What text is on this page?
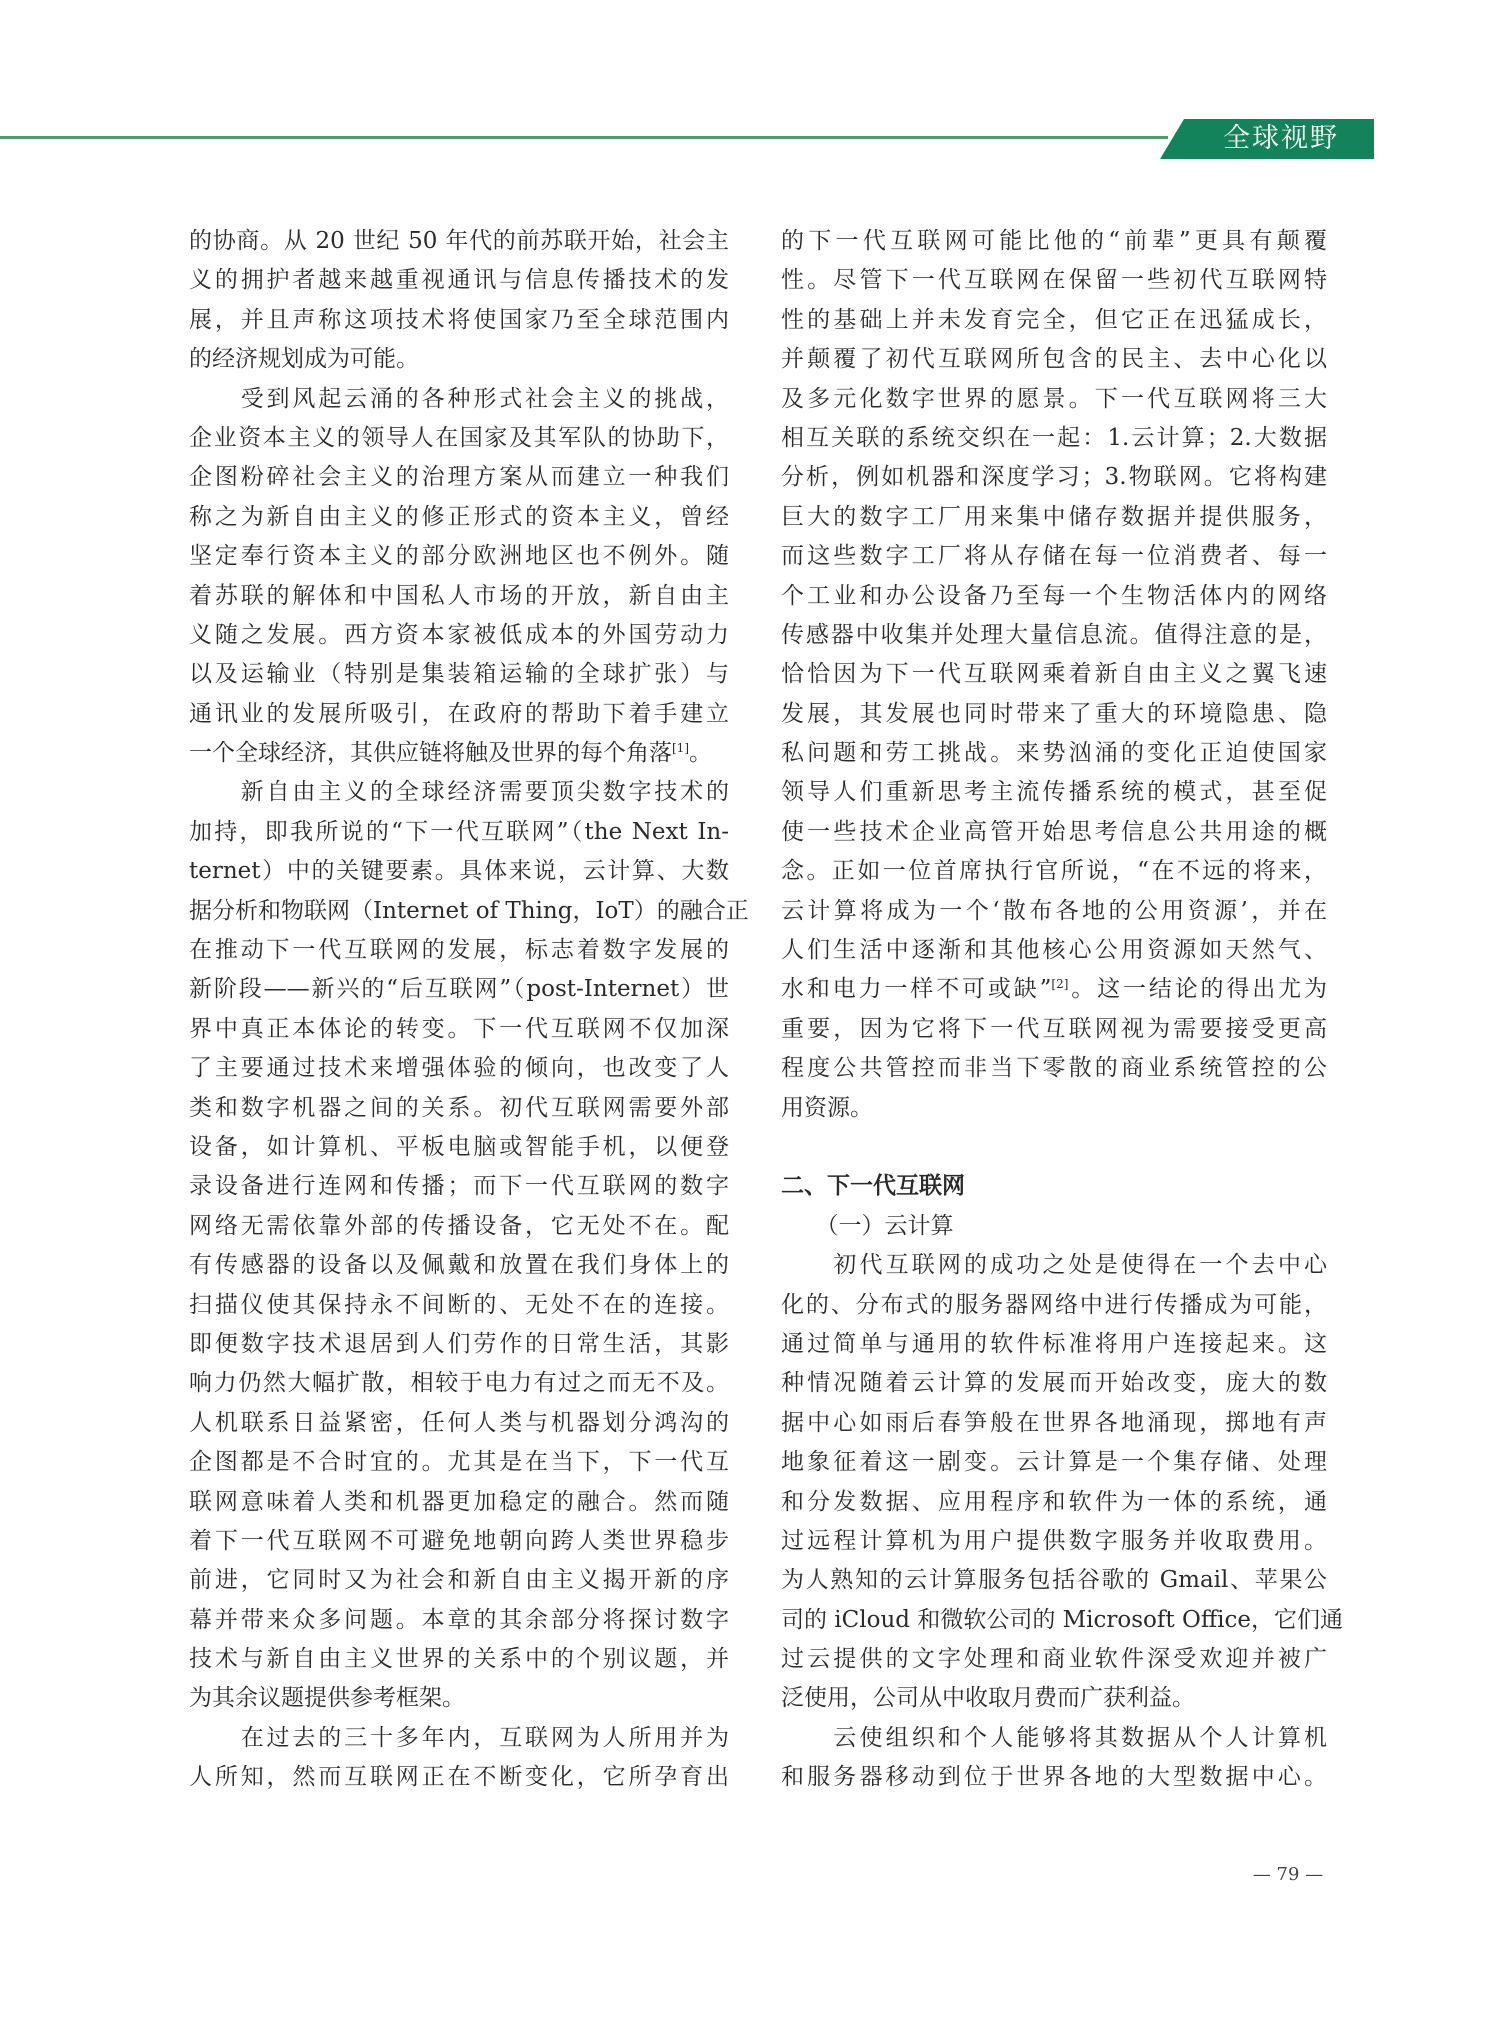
全球视野
的协商。从 20 世纪 50 年代的前苏联开始，社会主
义的拥护者越来越重视通讯与信息传播技术的发
展，并且声称这项技术将使国家乃至全球范围内
的经济规划成为可能。
　　受到风起云涌的各种形式社会主义的挑战，
企业资本主义的领导人在国家及其军队的协助下，
企图粉碎社会主义的治理方案从而建立一种我们
称之为新自由主义的修正形式的资本主义，曾经
坚定奉行资本主义的部分欧洲地区也不例外。随
着苏联的解体和中国私人市场的开放，新自由主
义随之发展。西方资本家被低成本的外国劳动力
以及运输业（特别是集装箱运输的全球扩张）与
通讯业的发展所吸引，在政府的帮助下着手建立
一个全球经济，其供应链将触及世界的每个角落[1]。
　　新自由主义的全球经济需要顶尖数字技术的
加持，即我所说的“下一代互联网”（the Next In-
ternet）中的关键要素。具体来说，云计算、大数
据分析和物联网（Internet of Thing，IoT）的融合正
在推动下一代互联网的发展，标志着数字发展的
新阶段——新兴的“后互联网”（post-Internet）世
界中真正本体论的转变。下一代互联网不仅加深
了主要通过技术来增强体验的倾向，也改变了人
类和数字机器之间的关系。初代互联网需要外部
设备，如计算机、平板电脑或智能手机，以便登
录设备进行连网和传播；而下一代互联网的数字
网络无需依靠外部的传播设备，它无处不在。配
有传感器的设备以及佩戴和放置在我们身体上的
扫描仪使其保持永不间断的、无处不在的连接。
即便数字技术退居到人们劳作的日常生活，其影
响力仍然大幅扩散，相较于电力有过之而无不及。
人机联系日益紧密，任何人类与机器划分鸿沟的
企图都是不合时宜的。尤其是在当下，下一代互
联网意味着人类和机器更加稳定的融合。然而随
着下一代互联网不可避免地朝向跨人类世界稳步
前进，它同时又为社会和新自由主义揭开新的序
幕并带来众多问题。本章的其余部分将探讨数字
技术与新自由主义世界的关系中的个别议题，并
为其余议题提供参考框架。
　　在过去的三十多年内，互联网为人所用并为
人所知，然而互联网正在不断变化，它所孕育出
的下一代互联网可能比他的“前辈”更具有颠覆
性。尽管下一代互联网在保留一些初代互联网特
性的基础上并未发育完全，但它正在迅猛成长，
并颠覆了初代互联网所包含的民主、去中心化以
及多元化数字世界的愿景。下一代互联网将三大
相互关联的系统交织在一起：1.云计算；2.大数据
分析，例如机器和深度学习；3.物联网。它将构建
巨大的数字工厂用来集中储存数据并提供服务，
而这些数字工厂将从存储在每一位消费者、每一
个工业和办公设备乃至每一个生物活体内的网络
传感器中收集并处理大量信息流。值得注意的是，
恰恰因为下一代互联网乘着新自由主义之翼飞速
发展，其发展也同时带来了重大的环境隐患、隐
私问题和劳工挑战。来势汹涌的变化正迫使国家
领导人们重新思考主流传播系统的模式，甚至促
使一些技术企业高管开始思考信息公共用途的概
念。正如一位首席执行官所说，“在不远的将来，
云计算将成为一个‘散布各地的公用资源’，并在
人们生活中逐渐和其他核心公用资源如天然气、
水和电力一样不可或缺”[2]。这一结论的得出尤为
重要，因为它将下一代互联网视为需要接受更高
程度公共管控而非当下零散的商业系统管控的公
用资源。
二、下一代互联网
　　（一）云计算
　　初代互联网的成功之处是使得在一个去中心
化的、分布式的服务器网络中进行传播成为可能，
通过简单与通用的软件标准将用户连接起来。这
种情况随着云计算的发展而开始改变，庞大的数
据中心如雨后春笋般在世界各地涌现，掷地有声
地象征着这一剧变。云计算是一个集存储、处理
和分发数据、应用程序和软件为一体的系统，通
过远程计算机为用户提供数字服务并收取费用。
为人熟知的云计算服务包括谷歌的 Gmail、苹果公
司的 iCloud 和微软公司的 Microsoft Office，它们通
过云提供的文字处理和商业软件深受欢迎并被广
泛使用，公司从中收取月费而广获利益。
　　云使组织和个人能够将其数据从个人计算机
和服务器移动到位于世界各地的大型数据中心。
— 79 —
